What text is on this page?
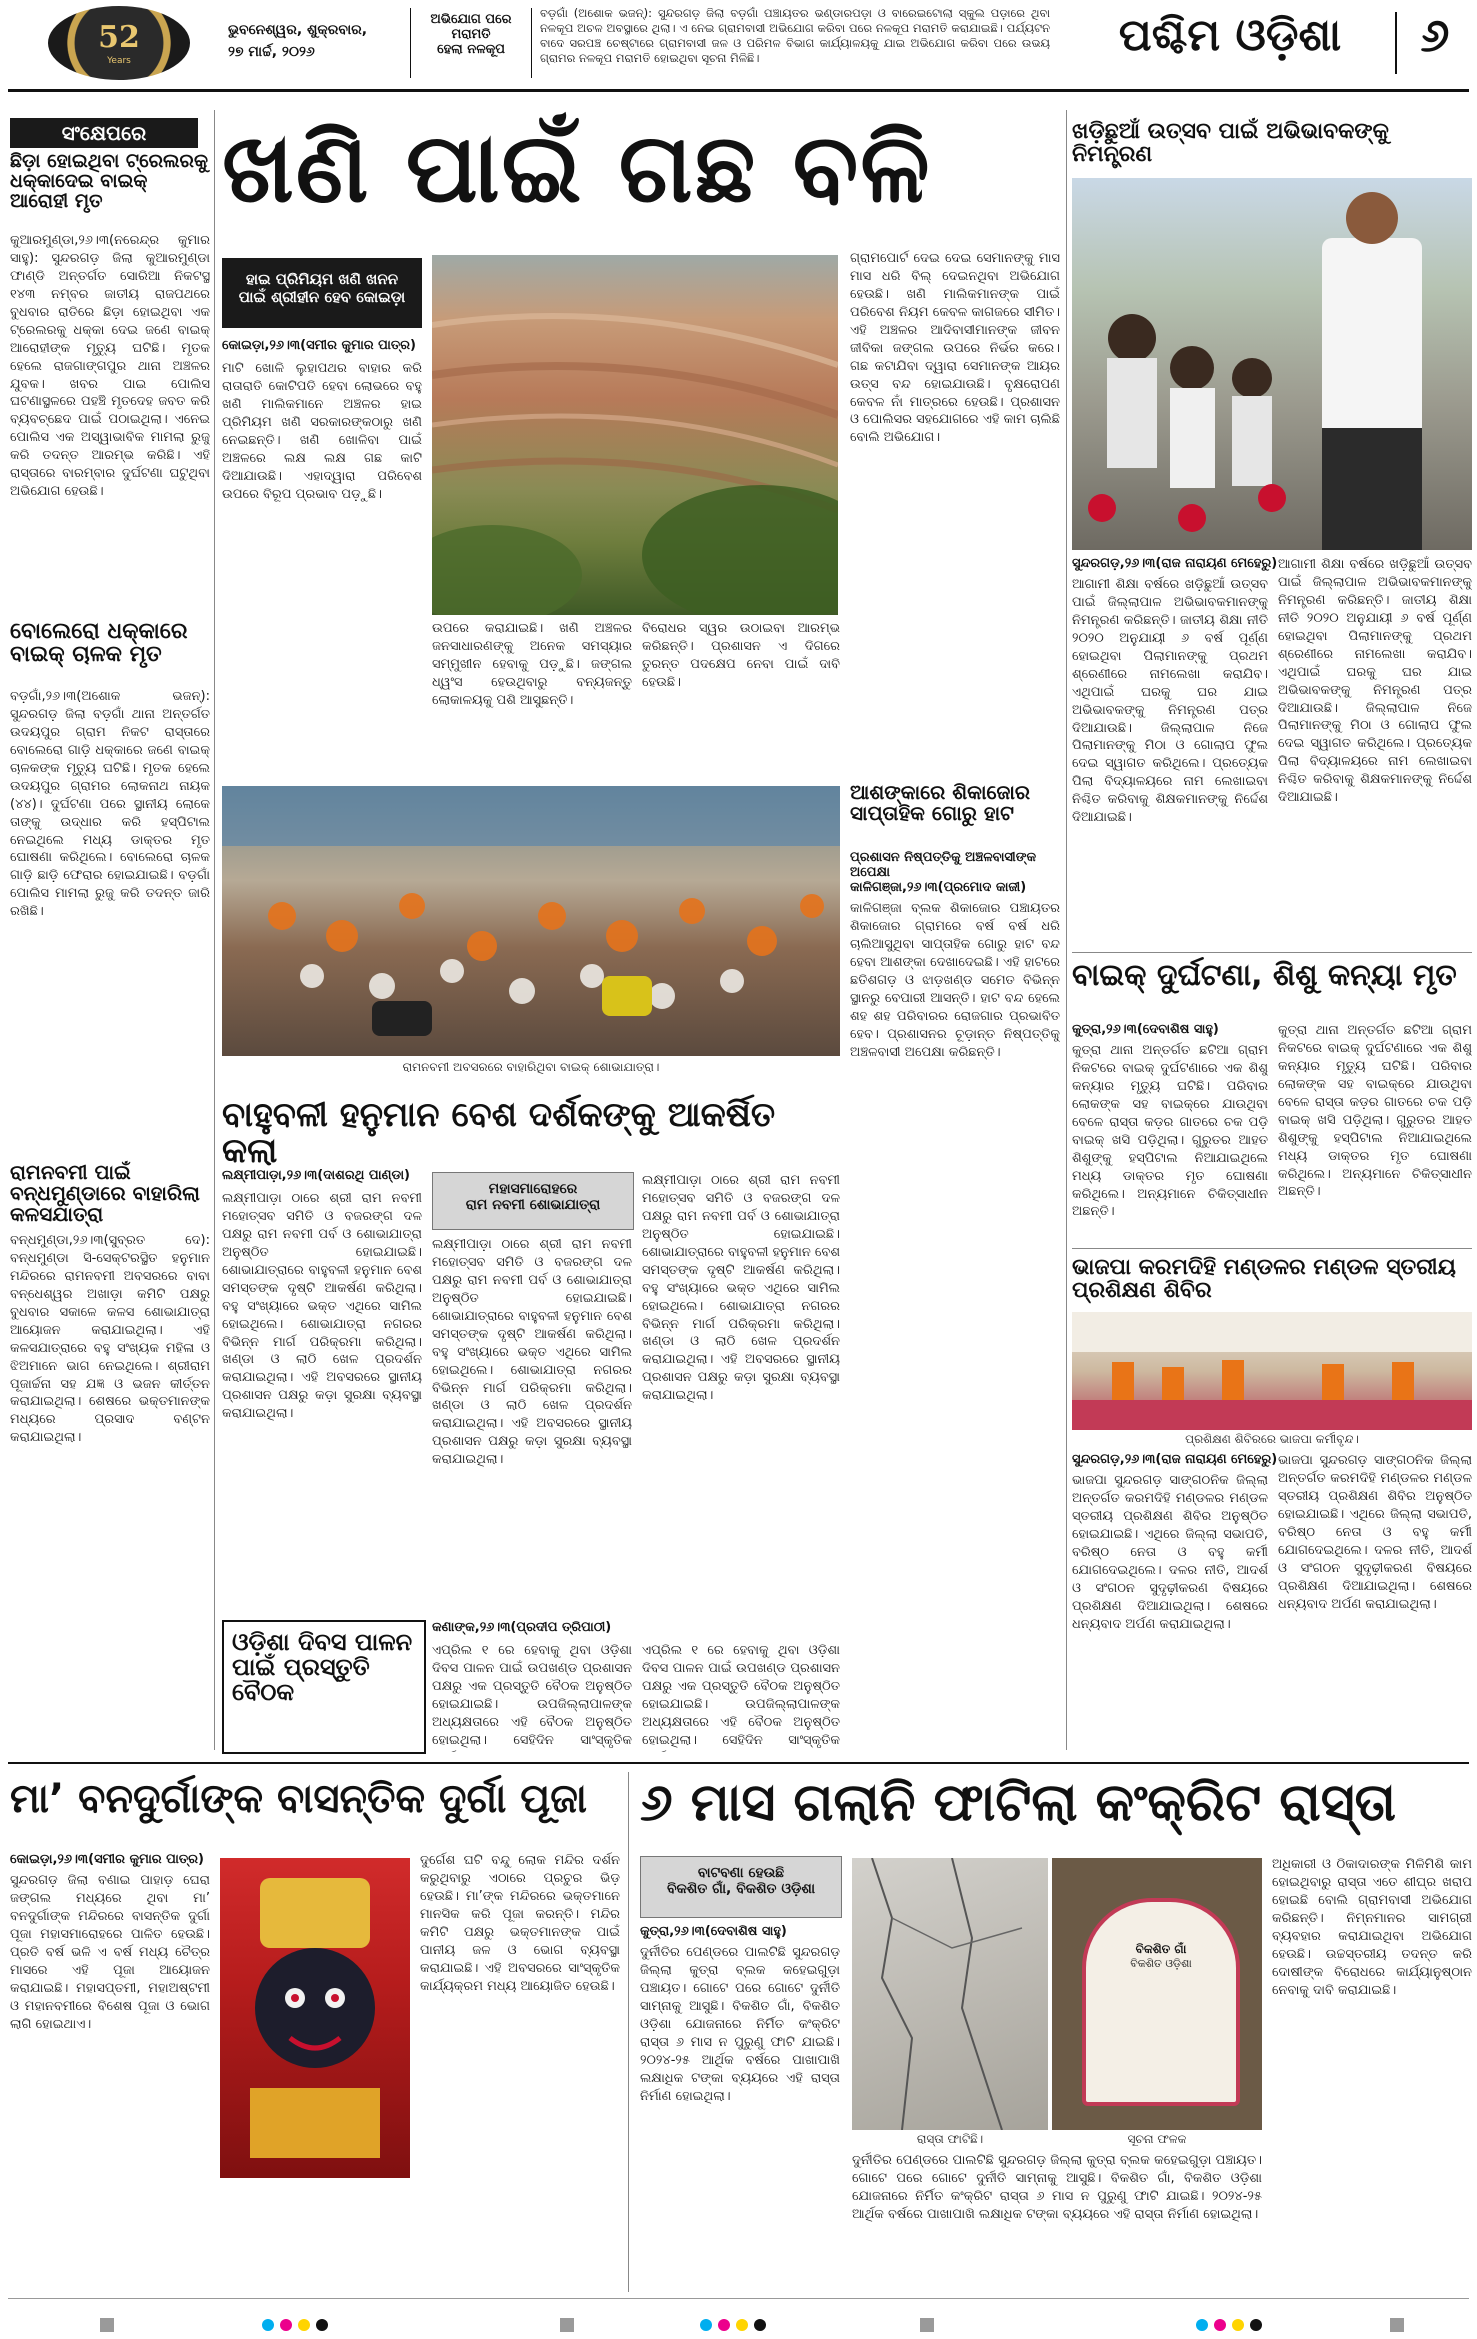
52
Years
ଭୁବନେଶ୍ୱର, ଶୁକ୍ରବାର,
୨୭ ମାର୍ଚ୍ଚ, ୨୦୨୬
ଅଭିଯୋଗ ପରେ
ମରାମତି
ହେଲା ନଳକୂପ
ବଡ଼ଗାଁ (ଅଶୋକ ଭଜନ୍): ସୁନ୍ଦରଗଡ଼ ଜିଲା ବଡ଼ଗାଁ ପଞ୍ଚାୟତର ଭଣ୍ଡାରପଡ଼ା ଓ ବାରେଇଟୋଲା ସ୍କୁଲ ପଡ଼ାରେ ଥିବା ନଳକୂପ ଅଚଳ ଅବସ୍ଥାରେ ଥିଲା। ଏ ନେଇ ଗ୍ରାମବାସୀ ଅଭିଯୋଗ କରିବା ପରେ ନଳକୂପ ମରାମତି କରାଯାଇଛି। ପର୍ଯ୍ୟଟନ ବାଦେ ସରପଞ୍ଚ ଚେଷ୍ଟାରେ ଗ୍ରାମବାସୀ ଜଳ ଓ ପରିମଳ ବିଭାଗ କାର୍ଯ୍ୟାଳୟକୁ ଯାଇ ଅଭିଯୋଗ କରିବା ପରେ ଉଭୟ ଗ୍ରାମର ନଳକୂପ ମରାମତି ହୋଇଥିବା ସୂଚନା ମିଳିଛି।	ପଶ୍ଚିମ ଓଡ଼ିଶା	୬
ସଂକ୍ଷେପରେ
ଛିଡ଼ା ହୋଇଥିବା ଟ୍ରେଲରକୁ ଧକ୍କାଦେଇ ବାଇକ୍ ଆରୋହୀ ମୃତ
କୁଆରମୁଣ୍ଡା,୨୬।୩(ନରେନ୍ଦ୍ର କୁମାର ସାହୁ): ସୁନ୍ଦରଗଡ଼ ଜିଲା କୁଆରମୁଣ୍ଡା ଫାଣ୍ଡି ଅନ୍ତର୍ଗତ ସୋରିଆ ନିକଟସ୍ଥ ୧୪୩ ନମ୍ବର ଜାତୀୟ ରାଜପଥରେ ବୁଧବାର ରାତିରେ ଛିଡ଼ା ହୋଇଥିବା ଏକ ଟ୍ରେଲରକୁ ଧକ୍କା ଦେଇ ଜଣେ ବାଇକ୍ ଆରୋହୀଙ୍କ ମୃତ୍ୟୁ ଘଟିଛି। ମୃତକ ହେଲେ ରାଜଗାଙ୍ଗପୁର ଥାନା ଅଞ୍ଚଳର ଯୁବକ। ଖବର ପାଇ ପୋଲିସ ଘଟଣାସ୍ଥଳରେ ପହଞ୍ଚି ମୃତଦେହ ଜବତ କରି ବ୍ୟବଚ୍ଛେଦ ପାଇଁ ପଠାଇଥିଲା। ଏନେଇ ପୋଲିସ ଏକ ଅସ୍ୱାଭାବିକ ମାମଲା ରୁଜୁ କରି ତଦନ୍ତ ଆରମ୍ଭ କରିଛି। ଏହି ରାସ୍ତାରେ ବାରମ୍ବାର ଦୁର୍ଘଟଣା ଘଟୁଥିବା ଅଭିଯୋଗ ହେଉଛି।
ବୋଲେରୋ ଧକ୍କାରେ ବାଇକ୍ ଚାଳକ ମୃତ
ବଡ଼ଗାଁ,୨୬।୩(ଅଶୋକ ଭଜନ୍): ସୁନ୍ଦରଗଡ଼ ଜିଲା ବଡ଼ଗାଁ ଥାନା ଅନ୍ତର୍ଗତ ଉଦୟପୁର ଗ୍ରାମ ନିକଟ ରାସ୍ତାରେ ବୋଲେରୋ ଗାଡ଼ି ଧକ୍କାରେ ଜଣେ ବାଇକ୍ ଚାଳକଙ୍କ ମୃତ୍ୟୁ ଘଟିଛି। ମୃତକ ହେଲେ ଉଦୟପୁର ଗ୍ରାମର ଲୋକନାଥ ନାୟକ (୪୪)। ଦୁର୍ଘଟଣା ପରେ ସ୍ଥାନୀୟ ଲୋକେ ତାଙ୍କୁ ଉଦ୍ଧାର କରି ହସ୍ପିଟାଲ ନେଇଥିଲେ ମଧ୍ୟ ଡାକ୍ତର ମୃତ ଘୋଷଣା କରିଥିଲେ। ବୋଲେରୋ ଚାଳକ ଗାଡ଼ି ଛାଡ଼ି ଫେରାର ହୋଇଯାଇଛି। ବଡ଼ଗାଁ ପୋଲିସ ମାମଲା ରୁଜୁ କରି ତଦନ୍ତ ଜାରି ରଖିଛି।
ରାମନବମୀ ପାଇଁ ବନ୍ଧମୁଣ୍ଡାରେ ବାହାରିଲା କଳସଯାତ୍ରା
ବନ୍ଧମୁଣ୍ଡା,୨୬।୩(ସୁବ୍ରତ ଦେ): ବନ୍ଧମୁଣ୍ଡା ସି-ସେକ୍ଟରସ୍ଥିତ ହନୁମାନ ମନ୍ଦିରରେ ରାମନବମୀ ଅବସରରେ ବାବା ବନ୍ଧେଶ୍ୱର ଅଖାଡ଼ା କମିଟି ପକ୍ଷରୁ ବୁଧବାର ସକାଳେ କଳସ ଶୋଭାଯାତ୍ରା ଆୟୋଜନ କରାଯାଇଥିଲା। ଏହି କଳସଯାତ୍ରାରେ ବହୁ ସଂଖ୍ୟକ ମହିଳା ଓ ଝିଅମାନେ ଭାଗ ନେଇଥିଲେ। ଶ୍ରୀରାମ ପୂଜାର୍ଚ୍ଚନା ସହ ଯଜ୍ଞ ଓ ଭଜନ କୀର୍ତ୍ତନ କରାଯାଇଥିଲା। ଶେଷରେ ଭକ୍ତମାନଙ୍କ ମଧ୍ୟରେ ପ୍ରସାଦ ବଣ୍ଟନ କରାଯାଇଥିଲା।
ଖଣି ପାଇଁ ଗଛ ବଳି
ହାଇ ପ୍ରିମିୟମ ଖଣି ଖନନ
ପାଇଁ ଶ୍ରୀହୀନ ହେବ କୋଇଡ଼ା
କୋଇଡ଼ା,୨୬।୩(ସମୀର କୁମାର ପାତ୍ର)
ମାଟି ଖୋଳି ଲୁହାପଥର ବାହାର କରି ରାତାରାତି କୋଟିପତି ହେବା ଲୋଭରେ ବହୁ ଖଣି ମାଲିକମାନେ ଅଞ୍ଚଳର ହାଇ ପ୍ରିମିୟମ ଖଣି ସରକାରଙ୍କଠାରୁ ଖଣି ନେଇଛନ୍ତି। ଖଣି ଖୋଳିବା ପାଇଁ ଅଞ୍ଚଳରେ ଲକ୍ଷ ଲକ୍ଷ ଗଛ କାଟି ଦିଆଯାଉଛି। ଏହାଦ୍ୱାରା ପରିବେଶ ଉପରେ ବିରୂପ ପ୍ରଭାବ ପଡ଼ୁଛି।
ଗ୍ରାମପୋର୍ଟ ଦେଇ ଦେଇ ସେମାନଙ୍କୁ ମାସ ମାସ ଧରି ବିଲ୍ ଦେଇନଥିବା ଅଭିଯୋଗ ହେଉଛି। ଖଣି ମାଲିକମାନଙ୍କ ପାଇଁ ପରିବେଶ ନିୟମ କେବଳ କାଗଜରେ ସୀମିତ। ଏହି ଅଞ୍ଚଳର ଆଦିବାସୀମାନଙ୍କ ଜୀବନ ଜୀବିକା ଜଙ୍ଗଲ ଉପରେ ନିର୍ଭର କରେ। ଗଛ କଟାଯିବା ଦ୍ୱାରା ସେମାନଙ୍କ ଆୟର ଉତ୍ସ ବନ୍ଦ ହୋଇଯାଉଛି। ବୃକ୍ଷରୋପଣ କେବଳ ନାଁ ମାତ୍ରରେ ହେଉଛି। ପ୍ରଶାସନ ଓ ପୋଲିସର ସହଯୋଗରେ ଏହି କାମ ଚାଲିଛି ବୋଲି ଅଭିଯୋଗ।
ଉପରେ କରାଯାଇଛି। ଖଣି ଅଞ୍ଚଳର ଜନସାଧାରଣଙ୍କୁ ଅନେକ ସମସ୍ୟାର ସମ୍ମୁଖୀନ ହେବାକୁ ପଡ଼ୁଛି। ଜଙ୍ଗଲ ଧ୍ୱଂସ ହେଉଥିବାରୁ ବନ୍ୟଜନ୍ତୁ ଲୋକାଳୟକୁ ପଶି ଆସୁଛନ୍ତି।
ବିରୋଧର ସ୍ୱର ଉଠାଇବା ଆରମ୍ଭ କରିଛନ୍ତି। ପ୍ରଶାସନ ଏ ଦିଗରେ ତୁରନ୍ତ ପଦକ୍ଷେପ ନେବା ପାଇଁ ଦାବି ହେଉଛି।
ରାମନବମୀ ଅବସରରେ ବାହାରିଥିବା ବାଇକ୍ ଶୋଭାଯାତ୍ରା।
ଆଶଙ୍କାରେ ଶିକାଜୋର ସାପ୍ତାହିକ ଗୋରୁ ହାଟ
ପ୍ରଶାସନ ନିଷ୍ପତ୍ତିକୁ ଅଞ୍ଚଳବାସୀଙ୍କ ଅପେକ୍ଷା
କାଳିଗଞ୍ଜା,୨୬।୩(ପ୍ରମୋଦ କାଜୀ)
କାଳିଗଞ୍ଜା ବ୍ଲକ ଶିକାଜୋର ପଞ୍ଚାୟତର ଶିକାଜୋର ଗ୍ରାମରେ ବର୍ଷ ବର୍ଷ ଧରି ଚାଲିଆସୁଥିବା ସାପ୍ତାହିକ ଗୋରୁ ହାଟ ବନ୍ଦ ହେବା ଆଶଙ୍କା ଦେଖାଦେଇଛି। ଏହି ହାଟରେ ଛତିଶଗଡ଼ ଓ ଝାଡ଼ଖଣ୍ଡ ସମେତ ବିଭିନ୍ନ ସ୍ଥାନରୁ ବେପାରୀ ଆସନ୍ତି। ହାଟ ବନ୍ଦ ହେଲେ ଶହ ଶହ ପରିବାରର ରୋଜଗାର ପ୍ରଭାବିତ ହେବ। ପ୍ରଶାସନର ଚୂଡ଼ାନ୍ତ ନିଷ୍ପତ୍ତିକୁ ଅଞ୍ଚଳବାସୀ ଅପେକ୍ଷା କରିଛନ୍ତି।
ବାହୁବଳୀ ହନୁମାନ ବେଶ ଦର୍ଶକଙ୍କୁ ଆକର୍ଷିତ କଲା
ଲକ୍ଷ୍ମୀପାଡ଼ା,୨୬।୩(ଦାଶରଥି ପାଣ୍ଡା)
ମହାସମାରୋହରେ
ରାମ ନବମୀ ଶୋଭାଯାତ୍ରା
ଲକ୍ଷ୍ମୀପାଡ଼ା ଠାରେ ଶ୍ରୀ ରାମ ନବମୀ ମହୋତ୍ସବ ସମିତି ଓ ବଜରଙ୍ଗ ଦଳ ପକ୍ଷରୁ ରାମ ନବମୀ ପର୍ବ ଓ ଶୋଭାଯାତ୍ରା ଅନୁଷ୍ଠିତ ହୋଇଯାଇଛି। ଶୋଭାଯାତ୍ରାରେ ବାହୁବଳୀ ହନୁମାନ ବେଶ ସମସ୍ତଙ୍କ ଦୃଷ୍ଟି ଆକର୍ଷଣ କରିଥିଲା। ବହୁ ସଂଖ୍ୟାରେ ଭକ୍ତ ଏଥିରେ ସାମିଲ ହୋଇଥିଲେ। ଶୋଭାଯାତ୍ରା ନଗରର ବିଭିନ୍ନ ମାର୍ଗ ପରିକ୍ରମା କରିଥିଲା। ଖଣ୍ଡା ଓ ଲାଠି ଖେଳ ପ୍ରଦର୍ଶନ କରାଯାଇଥିଲା। ଏହି ଅବସରରେ ସ୍ଥାନୀୟ ପ୍ରଶାସନ ପକ୍ଷରୁ କଡ଼ା ସୁରକ୍ଷା ବ୍ୟବସ୍ଥା କରାଯାଇଥିଲା।
ଲକ୍ଷ୍ମୀପାଡ଼ା ଠାରେ ଶ୍ରୀ ରାମ ନବମୀ ମହୋତ୍ସବ ସମିତି ଓ ବଜରଙ୍ଗ ଦଳ ପକ୍ଷରୁ ରାମ ନବମୀ ପର୍ବ ଓ ଶୋଭାଯାତ୍ରା ଅନୁଷ୍ଠିତ ହୋଇଯାଇଛି। ଶୋଭାଯାତ୍ରାରେ ବାହୁବଳୀ ହନୁମାନ ବେଶ ସମସ୍ତଙ୍କ ଦୃଷ୍ଟି ଆକର୍ଷଣ କରିଥିଲା। ବହୁ ସଂଖ୍ୟାରେ ଭକ୍ତ ଏଥିରେ ସାମିଲ ହୋଇଥିଲେ। ଶୋଭାଯାତ୍ରା ନଗରର ବିଭିନ୍ନ ମାର୍ଗ ପରିକ୍ରମା କରିଥିଲା। ଖଣ୍ଡା ଓ ଲାଠି ଖେଳ ପ୍ରଦର୍ଶନ କରାଯାଇଥିଲା। ଏହି ଅବସରରେ ସ୍ଥାନୀୟ ପ୍ରଶାସନ ପକ୍ଷରୁ କଡ଼ା ସୁରକ୍ଷା ବ୍ୟବସ୍ଥା କରାଯାଇଥିଲା।
ଲକ୍ଷ୍ମୀପାଡ଼ା ଠାରେ ଶ୍ରୀ ରାମ ନବମୀ ମହୋତ୍ସବ ସମିତି ଓ ବଜରଙ୍ଗ ଦଳ ପକ୍ଷରୁ ରାମ ନବମୀ ପର୍ବ ଓ ଶୋଭାଯାତ୍ରା ଅନୁଷ୍ଠିତ ହୋଇଯାଇଛି। ଶୋଭାଯାତ୍ରାରେ ବାହୁବଳୀ ହନୁମାନ ବେଶ ସମସ୍ତଙ୍କ ଦୃଷ୍ଟି ଆକର୍ଷଣ କରିଥିଲା। ବହୁ ସଂଖ୍ୟାରେ ଭକ୍ତ ଏଥିରେ ସାମିଲ ହୋଇଥିଲେ। ଶୋଭାଯାତ୍ରା ନଗରର ବିଭିନ୍ନ ମାର୍ଗ ପରିକ୍ରମା କରିଥିଲା। ଖଣ୍ଡା ଓ ଲାଠି ଖେଳ ପ୍ରଦର୍ଶନ କରାଯାଇଥିଲା। ଏହି ଅବସରରେ ସ୍ଥାନୀୟ ପ୍ରଶାସନ ପକ୍ଷରୁ କଡ଼ା ସୁରକ୍ଷା ବ୍ୟବସ୍ଥା କରାଯାଇଥିଲା।
ଓଡ଼ିଶା ଦିବସ ପାଳନ ପାଇଁ ପ୍ରସ୍ତୁତି ବୈଠକ
କଣାଙ୍କ,୨୬।୩(ପ୍ରଦୀପ ତ୍ରିପାଠୀ)
ଏପ୍ରିଲ ୧ ରେ ହେବାକୁ ଥିବା ଓଡ଼ିଶା ଦିବସ ପାଳନ ପାଇଁ ଉପଖଣ୍ଡ ପ୍ରଶାସନ ପକ୍ଷରୁ ଏକ ପ୍ରସ୍ତୁତି ବୈଠକ ଅନୁଷ୍ଠିତ ହୋଇଯାଇଛି। ଉପଜିଲ୍ଲାପାଳଙ୍କ ଅଧ୍ୟକ୍ଷତାରେ ଏହି ବୈଠକ ଅନୁଷ୍ଠିତ ହୋଇଥିଲା। ସେହିଦିନ ସାଂସ୍କୃତିକ
ଏପ୍ରିଲ ୧ ରେ ହେବାକୁ ଥିବା ଓଡ଼ିଶା ଦିବସ ପାଳନ ପାଇଁ ଉପଖଣ୍ଡ ପ୍ରଶାସନ ପକ୍ଷରୁ ଏକ ପ୍ରସ୍ତୁତି ବୈଠକ ଅନୁଷ୍ଠିତ ହୋଇଯାଇଛି। ଉପଜିଲ୍ଲାପାଳଙ୍କ ଅଧ୍ୟକ୍ଷତାରେ ଏହି ବୈଠକ ଅନୁଷ୍ଠିତ ହୋଇଥିଲା। ସେହିଦିନ ସାଂସ୍କୃତିକ
ଖଡ଼ିଛୁଆଁ ଉତ୍ସବ ପାଇଁ ଅଭିଭାବକଙ୍କୁ ନିମନ୍ତ୍ରଣ
ସୁନ୍ଦରଗଡ଼,୨୬।୩(ରାଜ ନାରାୟଣ ମେହେରୁ)
ଆଗାମୀ ଶିକ୍ଷା ବର୍ଷରେ ଖଡ଼ିଛୁଆଁ ଉତ୍ସବ ପାଇଁ ଜିଲ୍ଲାପାଳ ଅଭିଭାବକମାନଙ୍କୁ ନିମନ୍ତ୍ରଣ କରିଛନ୍ତି। ଜାତୀୟ ଶିକ୍ଷା ନୀତି ୨୦୨୦ ଅନୁଯାୟୀ ୬ ବର୍ଷ ପୂର୍ଣ୍ଣ ହୋଇଥିବା ପିଲାମାନଙ୍କୁ ପ୍ରଥମ ଶ୍ରେଣୀରେ ନାମଲେଖା କରାଯିବ। ଏଥିପାଇଁ ଘରକୁ ଘର ଯାଇ ଅଭିଭାବକଙ୍କୁ ନିମନ୍ତ୍ରଣ ପତ୍ର ଦିଆଯାଉଛି। ଜିଲ୍ଲାପାଳ ନିଜେ ପିଲାମାନଙ୍କୁ ମିଠା ଓ ଗୋଲାପ ଫୁଲ ଦେଇ ସ୍ୱାଗତ କରିଥିଲେ। ପ୍ରତ୍ୟେକ ପିଲା ବିଦ୍ୟାଳୟରେ ନାମ ଲେଖାଇବା ନିଶ୍ଚିତ କରିବାକୁ ଶିକ୍ଷକମାନଙ୍କୁ ନିର୍ଦ୍ଦେଶ ଦିଆଯାଇଛି।
ଆଗାମୀ ଶିକ୍ଷା ବର୍ଷରେ ଖଡ଼ିଛୁଆଁ ଉତ୍ସବ ପାଇଁ ଜିଲ୍ଲାପାଳ ଅଭିଭାବକମାନଙ୍କୁ ନିମନ୍ତ୍ରଣ କରିଛନ୍ତି। ଜାତୀୟ ଶିକ୍ଷା ନୀତି ୨୦୨୦ ଅନୁଯାୟୀ ୬ ବର୍ଷ ପୂର୍ଣ୍ଣ ହୋଇଥିବା ପିଲାମାନଙ୍କୁ ପ୍ରଥମ ଶ୍ରେଣୀରେ ନାମଲେଖା କରାଯିବ। ଏଥିପାଇଁ ଘରକୁ ଘର ଯାଇ ଅଭିଭାବକଙ୍କୁ ନିମନ୍ତ୍ରଣ ପତ୍ର ଦିଆଯାଉଛି। ଜିଲ୍ଲାପାଳ ନିଜେ ପିଲାମାନଙ୍କୁ ମିଠା ଓ ଗୋଲାପ ଫୁଲ ଦେଇ ସ୍ୱାଗତ କରିଥିଲେ। ପ୍ରତ୍ୟେକ ପିଲା ବିଦ୍ୟାଳୟରେ ନାମ ଲେଖାଇବା ନିଶ୍ଚିତ କରିବାକୁ ଶିକ୍ଷକମାନଙ୍କୁ ନିର୍ଦ୍ଦେଶ ଦିଆଯାଇଛି।
ବାଇକ୍ ଦୁର୍ଘଟଣା, ଶିଶୁ କନ୍ୟା ମୃତ
କୁତ୍ରା,୨୬।୩(ଦେବାଶିଷ ସାହୁ)
କୁତ୍ରା ଥାନା ଅନ୍ତର୍ଗତ ଛଟିଆ ଗ୍ରାମ ନିକଟରେ ବାଇକ୍ ଦୁର୍ଘଟଣାରେ ଏକ ଶିଶୁ କନ୍ୟାର ମୃତ୍ୟୁ ଘଟିଛି। ପରିବାର ଲୋକଙ୍କ ସହ ବାଇକ୍‌ରେ ଯାଉଥିବା ବେଳେ ରାସ୍ତା କଡ଼ର ଗାତରେ ଚକ ପଡ଼ି ବାଇକ୍ ଖସି ପଡ଼ିଥିଲା। ଗୁରୁତର ଆହତ ଶିଶୁଙ୍କୁ ହସ୍ପିଟାଲ ନିଆଯାଇଥିଲେ ମଧ୍ୟ ଡାକ୍ତର ମୃତ ଘୋଷଣା କରିଥିଲେ। ଅନ୍ୟମାନେ ଚିକିତ୍ସାଧୀନ ଅଛନ୍ତି।
କୁତ୍ରା ଥାନା ଅନ୍ତର୍ଗତ ଛଟିଆ ଗ୍ରାମ ନିକଟରେ ବାଇକ୍ ଦୁର୍ଘଟଣାରେ ଏକ ଶିଶୁ କନ୍ୟାର ମୃତ୍ୟୁ ଘଟିଛି। ପରିବାର ଲୋକଙ୍କ ସହ ବାଇକ୍‌ରେ ଯାଉଥିବା ବେଳେ ରାସ୍ତା କଡ଼ର ଗାତରେ ଚକ ପଡ଼ି ବାଇକ୍ ଖସି ପଡ଼ିଥିଲା। ଗୁରୁତର ଆହତ ଶିଶୁଙ୍କୁ ହସ୍ପିଟାଲ ନିଆଯାଇଥିଲେ ମଧ୍ୟ ଡାକ୍ତର ମୃତ ଘୋଷଣା କରିଥିଲେ। ଅନ୍ୟମାନେ ଚିକିତ୍ସାଧୀନ ଅଛନ୍ତି।
ଭାଜପା କରମଦିହି ମଣ୍ଡଳର ମଣ୍ଡଳ ସ୍ତରୀୟ ପ୍ରଶିକ୍ଷଣ ଶିବିର
ପ୍ରଶିକ୍ଷଣ ଶିବିରରେ ଭାଜପା କର୍ମୀବୃନ୍ଦ।
ସୁନ୍ଦରଗଡ଼,୨୬।୩(ରାଜ ନାରାୟଣ ମେହେରୁ)
ଭାଜପା ସୁନ୍ଦରଗଡ଼ ସାଙ୍ଗଠନିକ ଜିଲ୍ଲା ଅନ୍ତର୍ଗତ କରମଦିହି ମଣ୍ଡଳର ମଣ୍ଡଳ ସ୍ତରୀୟ ପ୍ରଶିକ୍ଷଣ ଶିବିର ଅନୁଷ୍ଠିତ ହୋଇଯାଇଛି। ଏଥିରେ ଜିଲ୍ଲା ସଭାପତି, ବରିଷ୍ଠ ନେତା ଓ ବହୁ କର୍ମୀ ଯୋଗଦେଇଥିଲେ। ଦଳର ନୀତି, ଆଦର୍ଶ ଓ ସଂଗଠନ ସୁଦୃଢ଼ୀକରଣ ବିଷୟରେ ପ୍ରଶିକ୍ଷଣ ଦିଆଯାଇଥିଲା। ଶେଷରେ ଧନ୍ୟବାଦ ଅର୍ପଣ କରାଯାଇଥିଲା।
ଭାଜପା ସୁନ୍ଦରଗଡ଼ ସାଙ୍ଗଠନିକ ଜିଲ୍ଲା ଅନ୍ତର୍ଗତ କରମଦିହି ମଣ୍ଡଳର ମଣ୍ଡଳ ସ୍ତରୀୟ ପ୍ରଶିକ୍ଷଣ ଶିବିର ଅନୁଷ୍ଠିତ ହୋଇଯାଇଛି। ଏଥିରେ ଜିଲ୍ଲା ସଭାପତି, ବରିଷ୍ଠ ନେତା ଓ ବହୁ କର୍ମୀ ଯୋଗଦେଇଥିଲେ। ଦଳର ନୀତି, ଆଦର୍ଶ ଓ ସଂଗଠନ ସୁଦୃଢ଼ୀକରଣ ବିଷୟରେ ପ୍ରଶିକ୍ଷଣ ଦିଆଯାଇଥିଲା। ଶେଷରେ ଧନ୍ୟବାଦ ଅର୍ପଣ କରାଯାଇଥିଲା।
ମା’ ବନଦୁର୍ଗାଙ୍କ ବାସନ୍ତିକ ଦୁର୍ଗା ପୂଜା
କୋଇଡ଼ା,୨୬।୩(ସମୀର କୁମାର ପାତ୍ର)
ସୁନ୍ଦରଗଡ଼ ଜିଲା ବଣାଇ ପାହାଡ଼ ଘେରା ଜଙ୍ଗଲ ମଧ୍ୟରେ ଥିବା ମା’ ବନଦୁର୍ଗାଙ୍କ ମନ୍ଦିରରେ ବାସନ୍ତିକ ଦୁର୍ଗା ପୂଜା ମହାସମାରୋହରେ ପାଳିତ ହେଉଛି। ପ୍ରତି ବର୍ଷ ଭଳି ଏ ବର୍ଷ ମଧ୍ୟ ଚୈତ୍ର ମାସରେ ଏହି ପୂଜା ଆୟୋଜନ କରାଯାଇଛି। ମହାସପ୍ତମୀ, ମହାଅଷ୍ଟମୀ ଓ ମହାନବମୀରେ ବିଶେଷ ପୂଜା ଓ ଭୋଗ ଲାଗି ହୋଇଥାଏ।
ଦୁର୍ଗେଶ ଘଟି ବନ୍ଦୁ ଲୋକ ମନ୍ଦିର ଦର୍ଶନ କରୁଥିବାରୁ ଏଠାରେ ପ୍ରଚୁର ଭିଡ଼ ହେଉଛି। ମା’ଙ୍କ ମନ୍ଦିରରେ ଭକ୍ତମାନେ ମାନସିକ କରି ପୂଜା କରନ୍ତି। ମନ୍ଦିର କମିଟି ପକ୍ଷରୁ ଭକ୍ତମାନଙ୍କ ପାଇଁ ପାନୀୟ ଜଳ ଓ ଭୋଗ ବ୍ୟବସ୍ଥା କରାଯାଇଛି। ଏହି ଅବସରରେ ସାଂସ୍କୃତିକ କାର୍ଯ୍ୟକ୍ରମ ମଧ୍ୟ ଆୟୋଜିତ ହେଉଛି।
୬ ମାସ ଗଲାନି ଫାଟିଲା କଂକ୍ରିଟ ରାସ୍ତା
ବାଟବଣା ହେଉଛି
ବିକଶିତ ଗାଁ, ବିକଶିତ ଓଡ଼ିଶା
କୁତ୍ରା,୨୬।୩(ଦେବାଶିଷ ସାହୁ)
ଦୁର୍ନୀତିର ପେଣ୍ଡରେ ପାଲଟିଛି ସୁନ୍ଦରଗଡ଼ ଜିଲ୍ଲା କୁତ୍ରା ବ୍ଲକ କହେଇଗୁଡ଼ା ପଞ୍ଚାୟତ। ଗୋଟେ ପରେ ଗୋଟେ ଦୁର୍ନୀତି ସାମ୍ନାକୁ ଆସୁଛି। ବିକଶିତ ଗାଁ, ବିକଶିତ ଓଡ଼ିଶା ଯୋଜନାରେ ନିର୍ମିତ କଂକ୍ରିଟ ରାସ୍ତା ୬ ମାସ ନ ପୁରୁଣୁ ଫାଟି ଯାଇଛି। ୨୦୨୪-୨୫ ଆର୍ଥିକ ବର୍ଷରେ ପାଖାପାଖି ଲକ୍ଷାଧିକ ଟଙ୍କା ବ୍ୟୟରେ ଏହି ରାସ୍ତା ନିର୍ମାଣ ହୋଇଥିଲା।
ରାସ୍ତା ଫାଟିଛି।
ବିକଶିତ ଗାଁ
ବିକଶିତ ଓଡ଼ିଶା
ସୂଚନା ଫଳକ
ଅଧିକାରୀ ଓ ଠିକାଦାରଙ୍କ ମିଳିମିଶି କାମ ହୋଇଥିବାରୁ ରାସ୍ତା ଏତେ ଶୀଘ୍ର ଖରାପ ହୋଇଛି ବୋଲି ଗ୍ରାମବାସୀ ଅଭିଯୋଗ କରିଛନ୍ତି। ନିମ୍ନମାନର ସାମଗ୍ରୀ ବ୍ୟବହାର କରାଯାଇଥିବା ଅଭିଯୋଗ ହେଉଛି। ଉଚ୍ଚସ୍ତରୀୟ ତଦନ୍ତ କରି ଦୋଷୀଙ୍କ ବିରୋଧରେ କାର୍ଯ୍ୟାନୁଷ୍ଠାନ ନେବାକୁ ଦାବି କରାଯାଇଛି।
ଦୁର୍ନୀତିର ପେଣ୍ଡରେ ପାଲଟିଛି ସୁନ୍ଦରଗଡ଼ ଜିଲ୍ଲା କୁତ୍ରା ବ୍ଲକ କହେଇଗୁଡ଼ା ପଞ୍ଚାୟତ। ଗୋଟେ ପରେ ଗୋଟେ ଦୁର୍ନୀତି ସାମ୍ନାକୁ ଆସୁଛି। ବିକଶିତ ଗାଁ, ବିକଶିତ ଓଡ଼ିଶା ଯୋଜନାରେ ନିର୍ମିତ କଂକ୍ରିଟ ରାସ୍ତା ୬ ମାସ ନ ପୁରୁଣୁ ଫାଟି ଯାଇଛି। ୨୦୨୪-୨୫ ଆର୍ଥିକ ବର୍ଷରେ ପାଖାପାଖି ଲକ୍ଷାଧିକ ଟଙ୍କା ବ୍ୟୟରେ ଏହି ରାସ୍ତା ନିର୍ମାଣ ହୋଇଥିଲା।
